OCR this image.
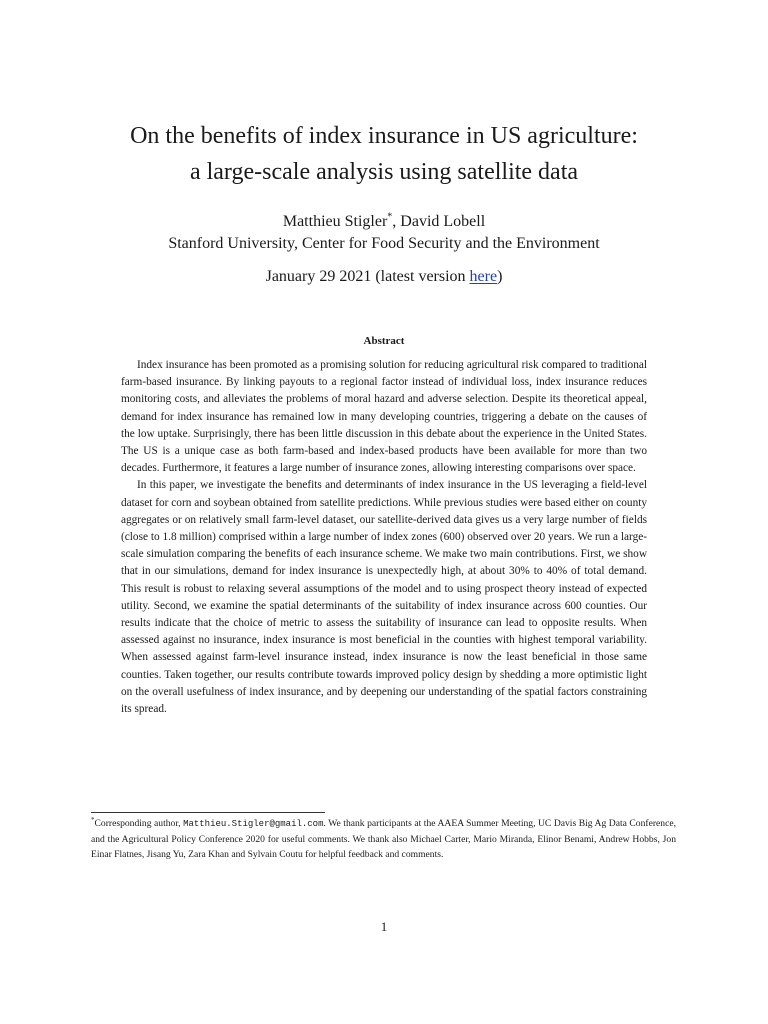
On the benefits of index insurance in US agriculture:
a large-scale analysis using satellite data
Matthieu Stigler*, David Lobell
Stanford University, Center for Food Security and the Environment
January 29 2021 (latest version here)
Abstract

Index insurance has been promoted as a promising solution for reducing agricultural risk compared to traditional farm-based insurance. By linking payouts to a regional factor instead of individual loss, index insurance reduces monitoring costs, and alleviates the problems of moral hazard and adverse selection. Despite its theoretical appeal, demand for index insurance has remained low in many developing countries, triggering a debate on the causes of the low uptake. Surprisingly, there has been little discussion in this debate about the experience in the United States. The US is a unique case as both farm-based and index-based products have been available for more than two decades. Furthermore, it features a large number of insurance zones, allowing interesting comparisons over space.

In this paper, we investigate the benefits and determinants of index insurance in the US leveraging a field-level dataset for corn and soybean obtained from satellite predictions. While previous studies were based either on county aggregates or on relatively small farm-level dataset, our satellite-derived data gives us a very large number of fields (close to 1.8 million) comprised within a large number of index zones (600) observed over 20 years. We run a large-scale simulation comparing the benefits of each insurance scheme. We make two main contributions. First, we show that in our simulations, demand for index insurance is unexpectedly high, at about 30% to 40% of total demand. This result is robust to relaxing several assumptions of the model and to using prospect theory instead of expected utility. Second, we examine the spatial determinants of the suitability of index insurance across 600 counties. Our results indicate that the choice of metric to assess the suitability of insurance can lead to opposite results. When assessed against no insurance, index insurance is most beneficial in the counties with highest temporal variability. When assessed against farm-level insurance instead, index insurance is now the least beneficial in those same counties. Taken together, our results contribute towards improved policy design by shedding a more optimistic light on the overall usefulness of index insurance, and by deepening our understanding of the spatial factors constraining its spread.

*Corresponding author, Matthieu.Stigler@gmail.com. We thank participants at the AAEA Summer Meeting, UC Davis Big Ag Data Conference, and the Agricultural Policy Conference 2020 for useful comments. We thank also Michael Carter, Mario Miranda, Elinor Benami, Andrew Hobbs, Jon Einar Flatnes, Jisang Yu, Zara Khan and Sylvain Coutu for helpful feedback and comments.
1
